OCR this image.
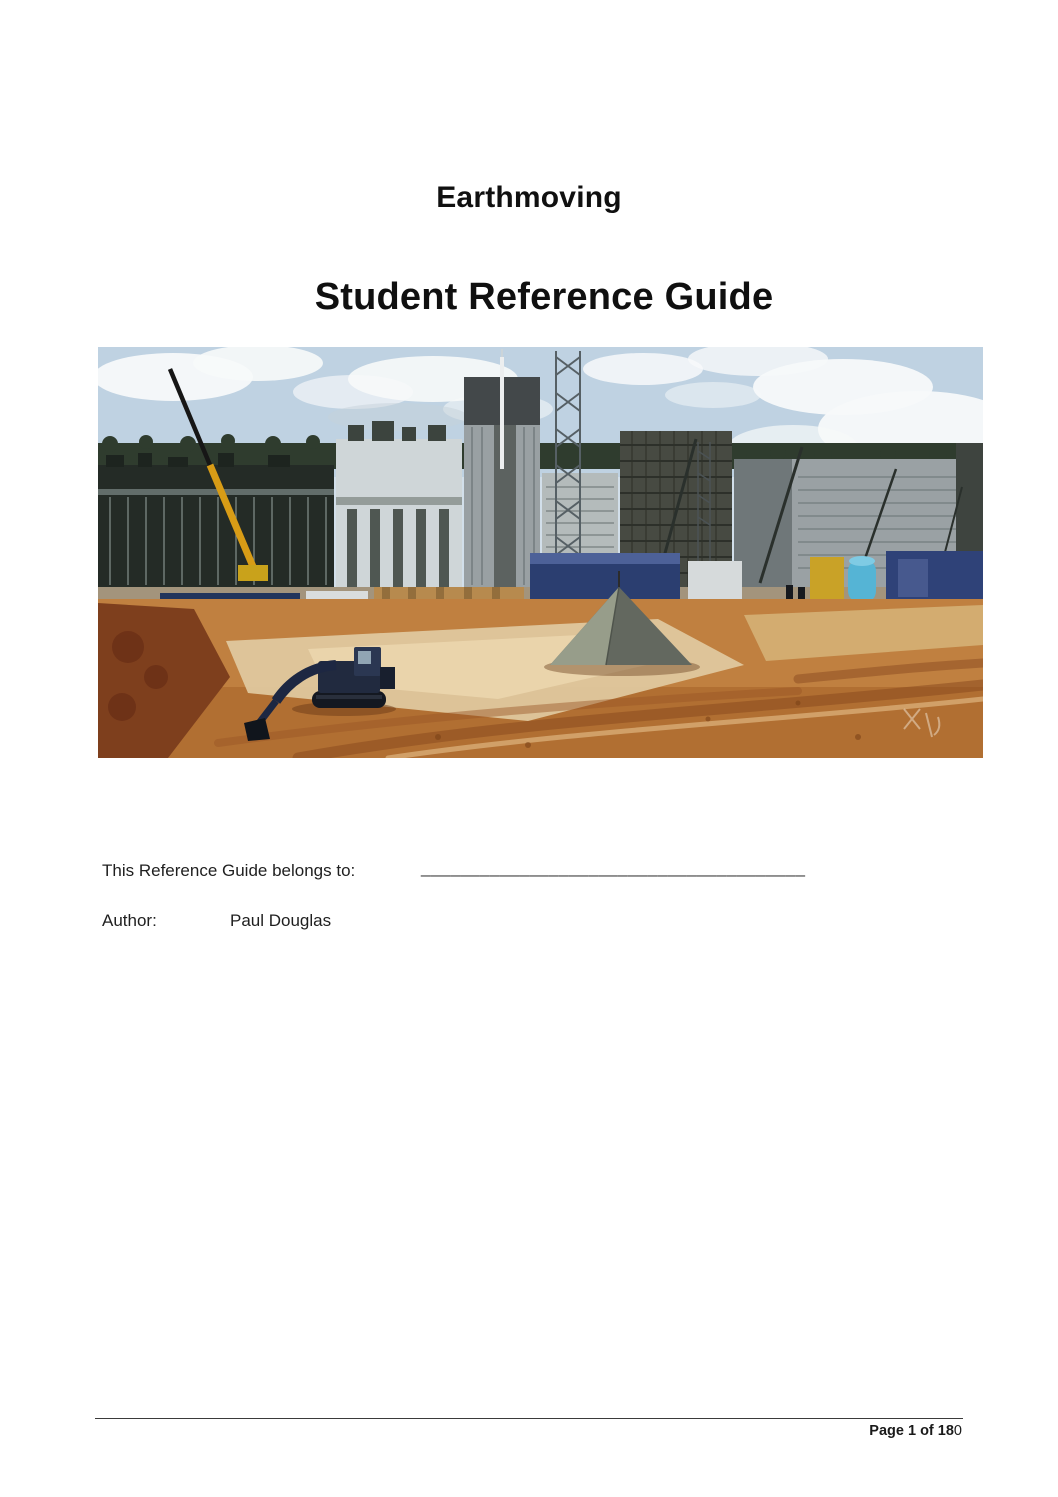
Earthmoving
Student Reference Guide
This Reference Guide belongs to:	_______________________________________
Author:	Paul Douglas
Page 1 of 180
